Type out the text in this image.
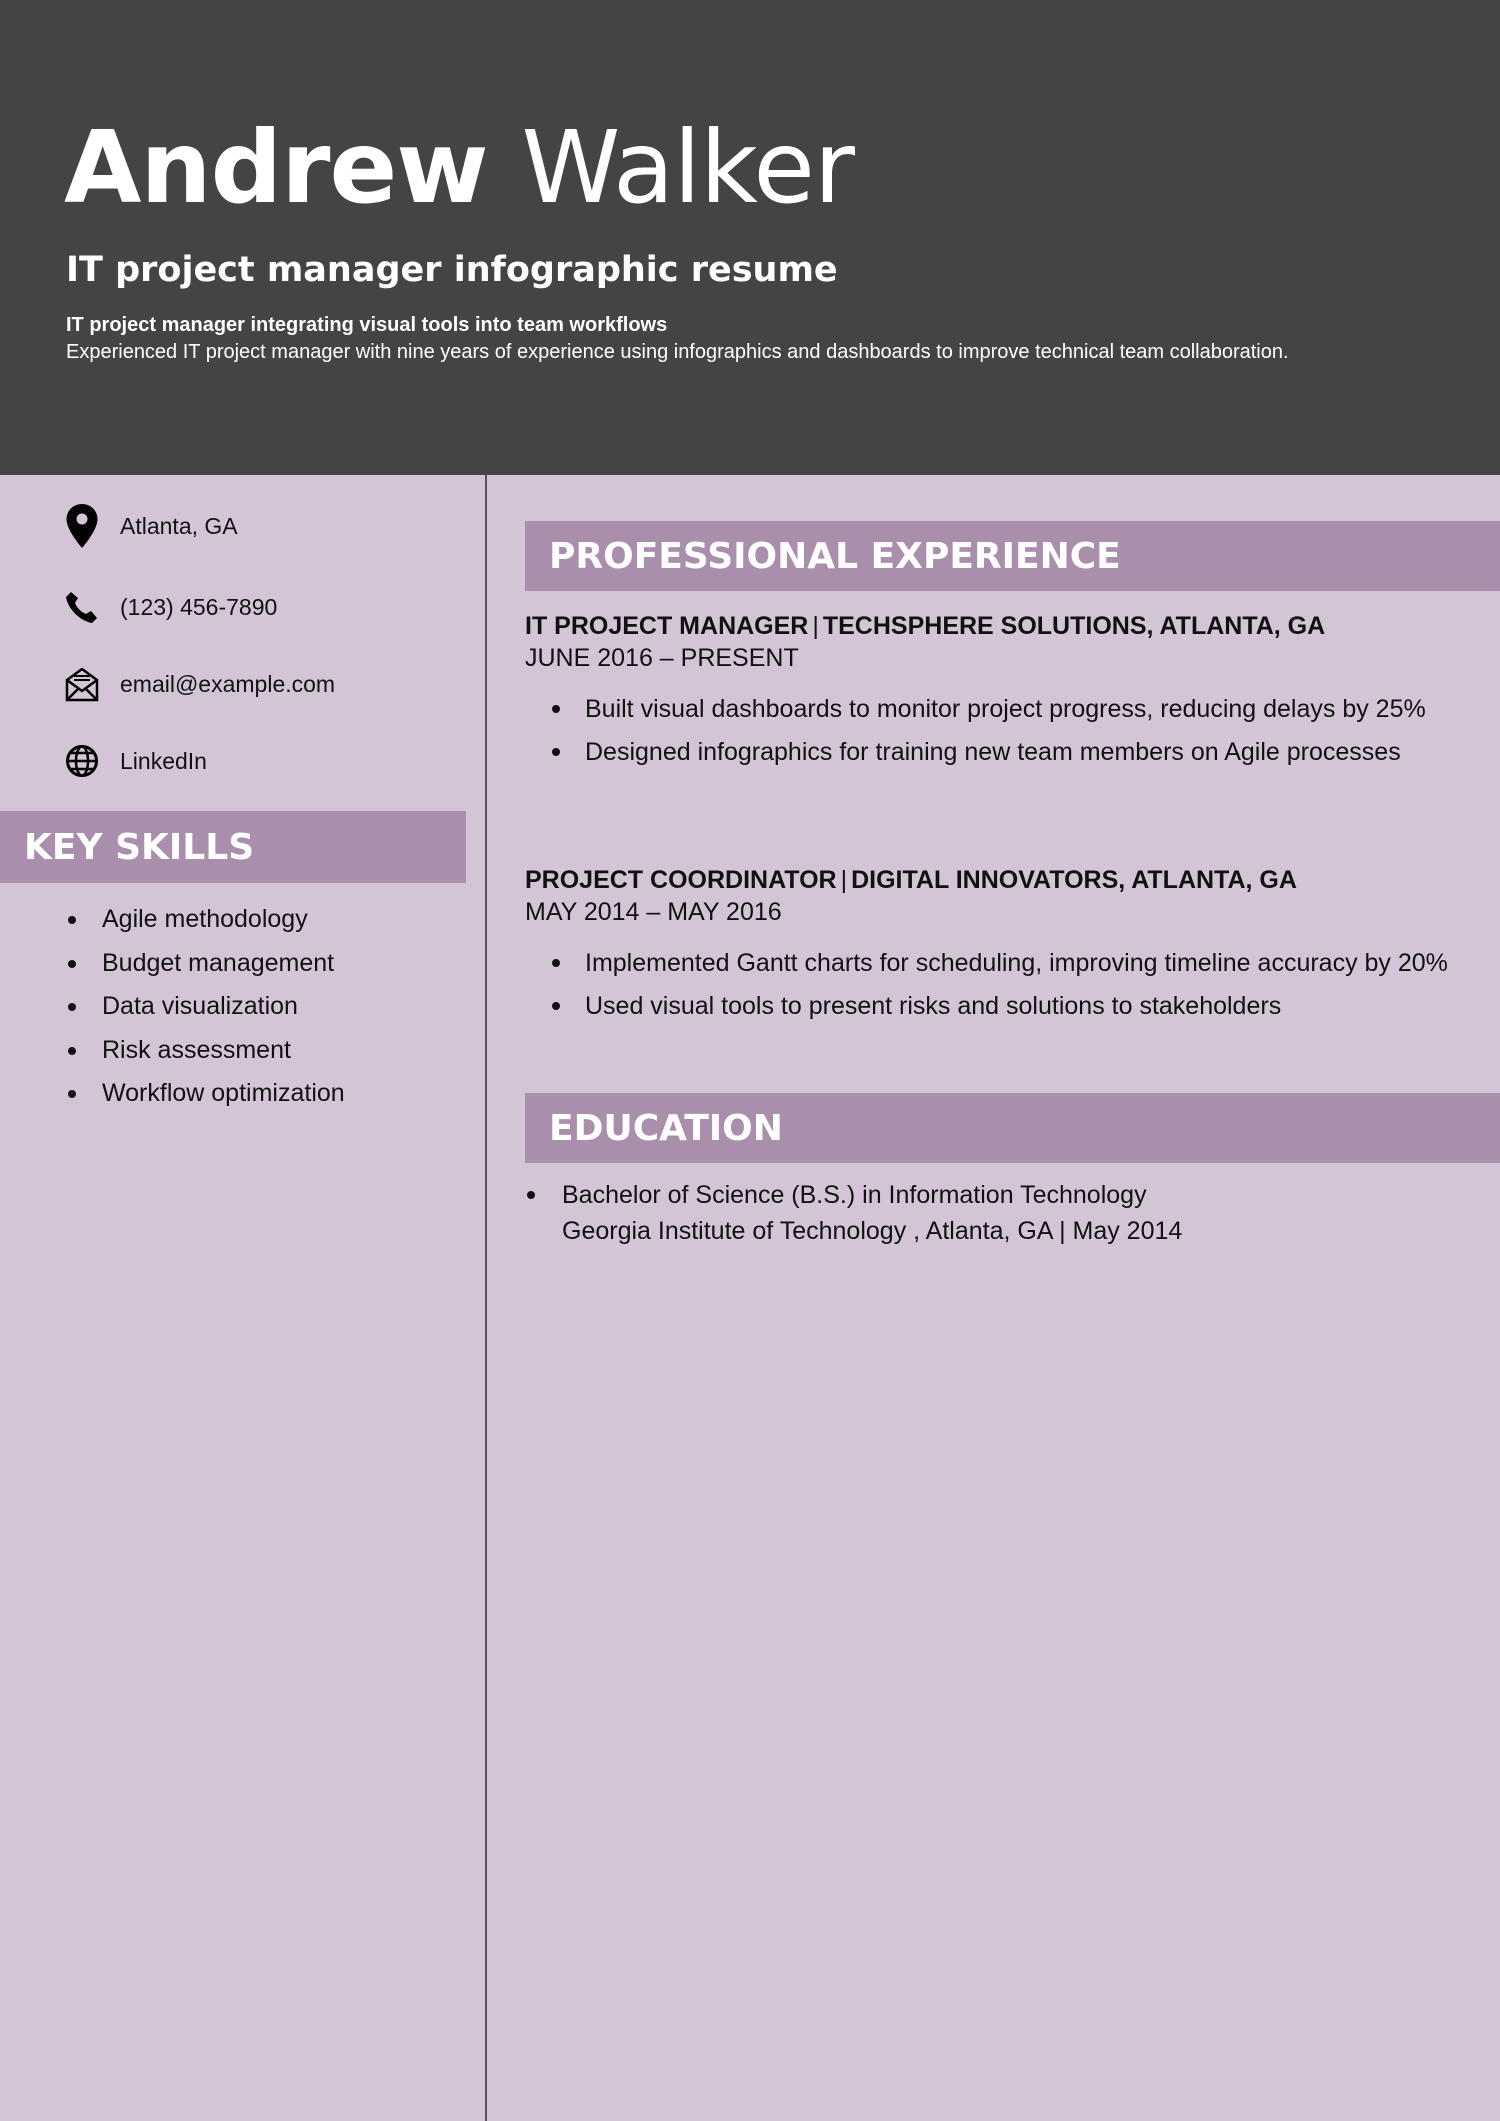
Andrew Walker
IT project manager infographic resume
IT project manager integrating visual tools into team workflows
Experienced IT project manager with nine years of experience using infographics and dashboards to improve technical team collaboration.
Atlanta, GA
(123) 456-7890
email@example.com
LinkedIn
KEY SKILLS
Agile methodology
Budget management
Data visualization
Risk assessment
Workflow optimization
PROFESSIONAL EXPERIENCE
IT PROJECT MANAGER | TECHSPHERE SOLUTIONS, ATLANTA, GA
JUNE 2016 – PRESENT
Built visual dashboards to monitor project progress, reducing delays by 25%
Designed infographics for training new team members on Agile processes
PROJECT COORDINATOR | DIGITAL INNOVATORS, ATLANTA, GA
MAY 2014 – MAY 2016
Implemented Gantt charts for scheduling, improving timeline accuracy by 20%
Used visual tools to present risks and solutions to stakeholders
EDUCATION
Bachelor of Science (B.S.) in Information Technology
Georgia Institute of Technology , Atlanta, GA | May 2014
